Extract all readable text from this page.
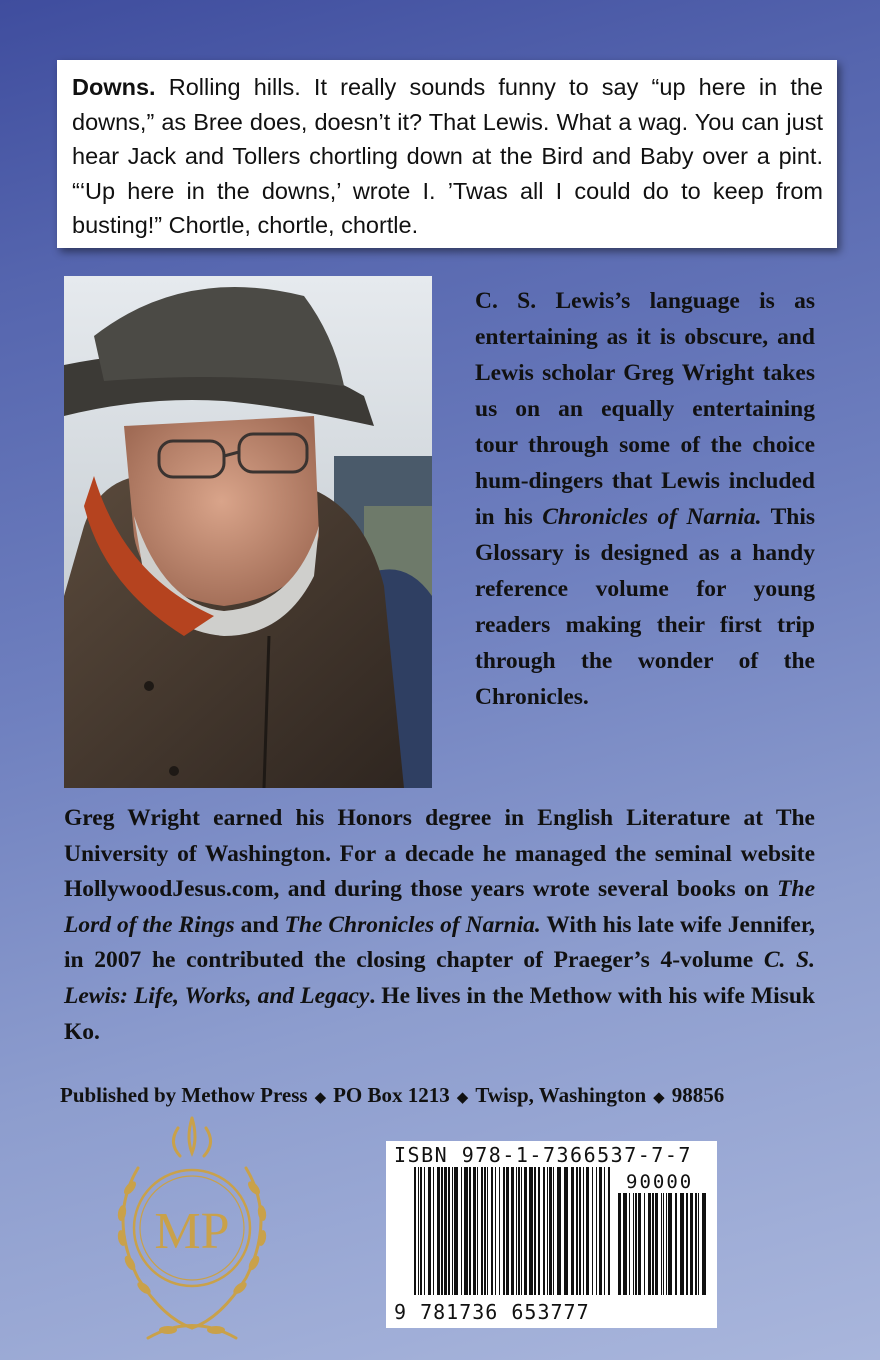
Downs. Rolling hills. It really sounds funny to say “up here in the downs,” as Bree does, doesn’t it? That Lewis. What a wag. You can just hear Jack and Tollers chortling down at the Bird and Baby over a pint. “‘Up here in the downs,’ wrote I. ’Twas all I could do to keep from busting!” Chortle, chortle, chortle.

C. S. Lewis’s language is as entertaining as it is obscure, and Lewis scholar Greg Wright takes us on an equally entertaining tour through some of the choice hum-dingers that Lewis included in his Chronicles of Narnia. This Glossary is designed as a handy reference volume for young readers making their first trip through the wonder of the Chronicles.

Greg Wright earned his Honors degree in English Literature at The University of Washington. For a decade he managed the seminal website HollywoodJesus.com, and during those years wrote several books on The Lord of the Rings and The Chronicles of Narnia. With his late wife Jennifer, in 2007 he contributed the closing chapter of Praeger’s 4-volume C. S. Lewis: Life, Works, and Legacy. He lives in the Methow with his wife Misuk Ko.

Published by Methow Press ◆ PO Box 1213 ◆ Twisp, Washington ◆ 98856
MP
ISBN 978-1-7366537-7-7
90000
9 781736 653777
